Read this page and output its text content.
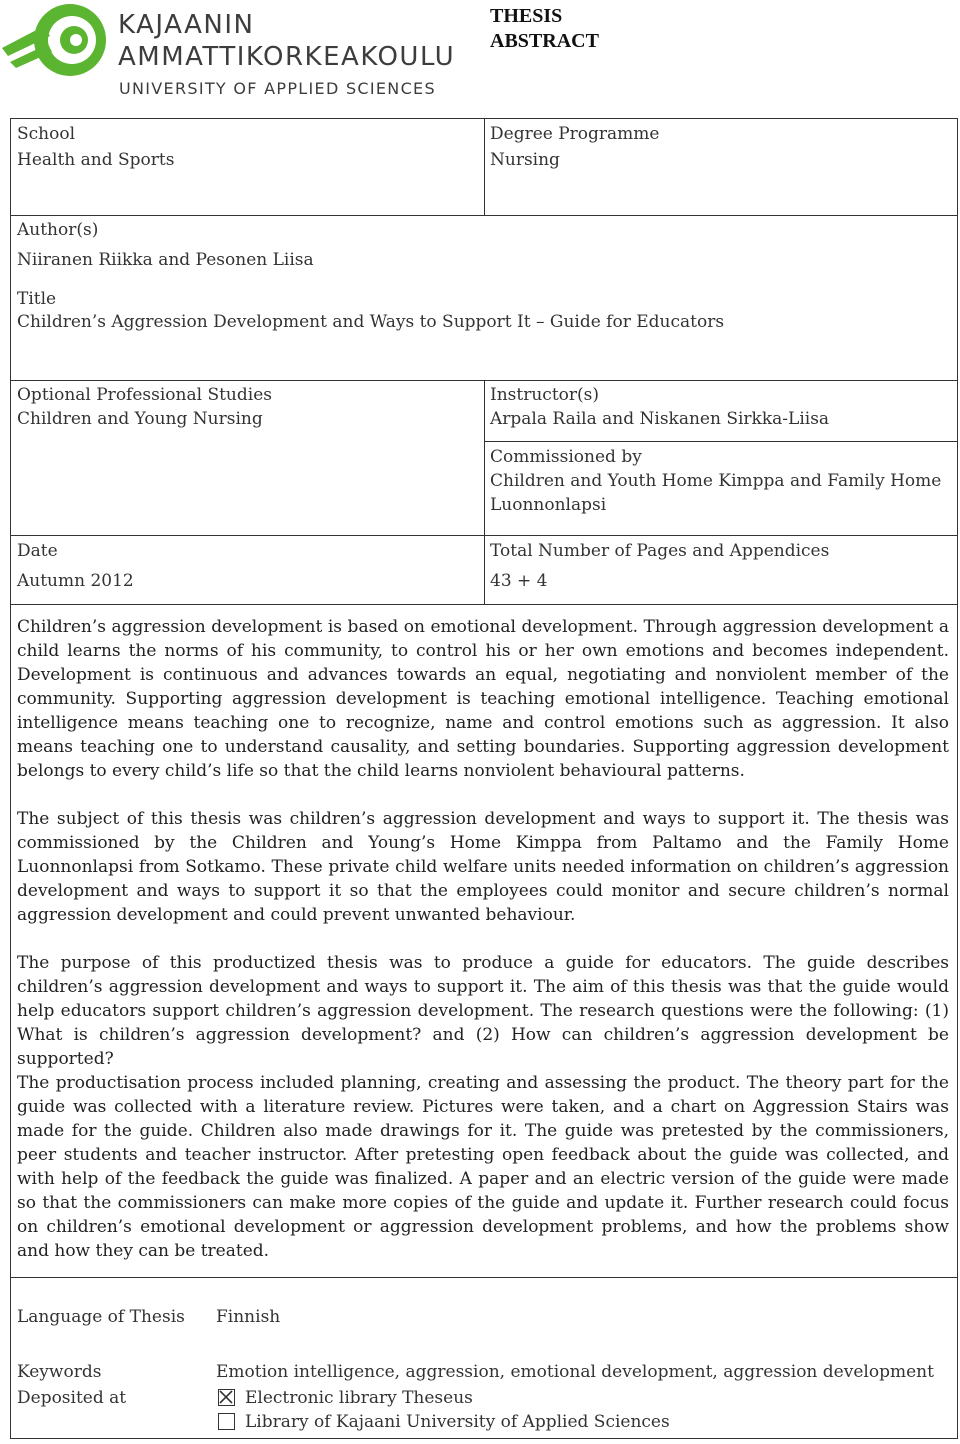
KAJAANIN
AMMATTIKORKEAKOULU
UNIVERSITY OF APPLIED SCIENCES
THESIS
ABSTRACT
School
Health and Sports
Degree Programme
Nursing
Author(s)
Niiranen Riikka and Pesonen Liisa
Title
Children’s Aggression Development and Ways to Support It – Guide for Educators
Optional Professional Studies
Children and Young Nursing
Instructor(s)
Arpala Raila and Niskanen Sirkka-Liisa
Commissioned by
Children and Youth Home Kimppa and Family Home Luonnonlapsi
Date
Autumn 2012
Total Number of Pages and Appendices
43 + 4

Children’s aggression development is based on emotional development. Through aggression development a child learns the norms of his community, to control his or her own emotions and becomes independent. Development is continuous and advances towards an equal, negotiating and nonviolent member of the community. Supporting aggression development is teaching emotional intelligence. Teaching emotional intelligence means teaching one to recognize, name and control emotions such as aggression. It also means teaching one to understand causality, and setting boundaries. Supporting aggression development belongs to every child’s life so that the child learns nonviolent behavioural patterns.

The subject of this thesis was children’s aggression development and ways to support it. The thesis was commissioned by the Children and Young’s Home Kimppa from Paltamo and the Family Home Luonnonlapsi from Sotkamo. These private child welfare units needed information on children’s aggression development and ways to support it so that the employees could monitor and secure children’s normal aggression development and could prevent unwanted behaviour.

The purpose of this productized thesis was to produce a guide for educators. The guide describes children’s aggression development and ways to support it. The aim of this thesis was that the guide would help educators support children’s aggression development. The research questions were the following: (1) What is children’s aggression development? and (2) How can children’s aggression development be supported?

The productisation process included planning, creating and assessing the product. The theory part for the guide was collected with a literature review. Pictures were taken, and a chart on Aggression Stairs was made for the guide. Children also made drawings for it. The guide was pretested by the commissioners, peer students and teacher instructor. After pretesting open feedback about the guide was collected, and with help of the feedback the guide was finalized. A paper and an electric version of the guide were made so that the commissioners can make more copies of the guide and update it. Further research could focus on children’s emotional development or aggression development problems, and how the problems show and how they can be treated.

Language of Thesis Finnish
Keywords	Emotion intelligence, aggression, emotional development, aggression development
Deposited at	Electronic library Theseus
Library of Kajaani University of Applied Sciences
